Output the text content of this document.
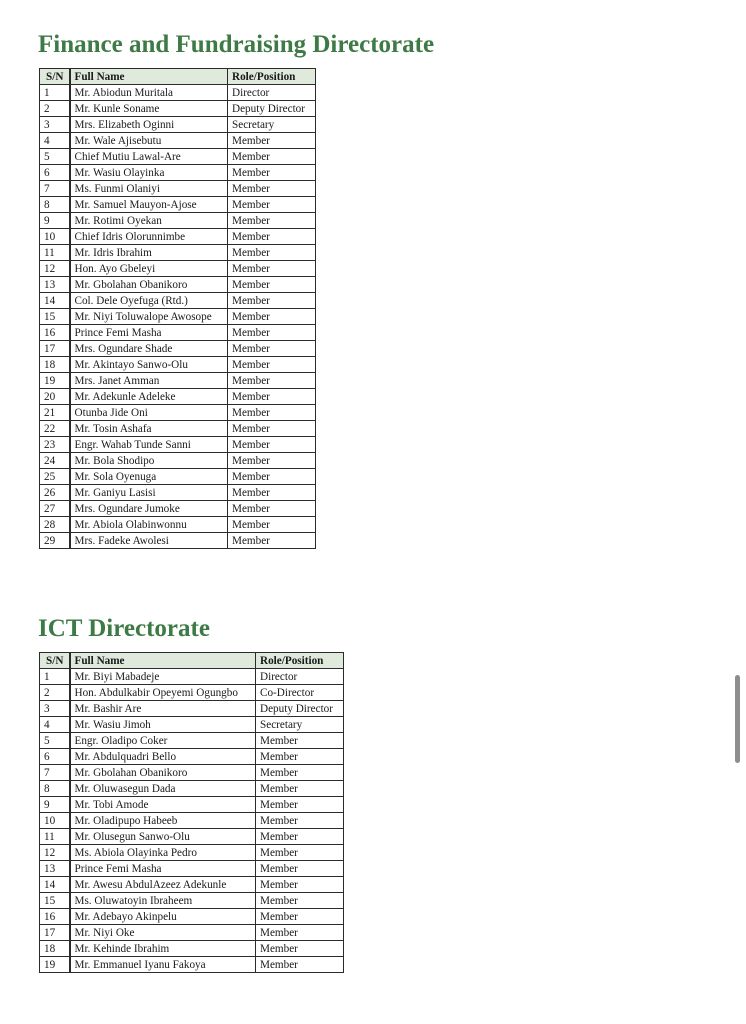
Finance and Fundraising Directorate
S/N	Full Name	Role/Position
1	Mr. Abiodun Muritala	Director
2	Mr. Kunle Soname	Deputy Director
3	Mrs. Elizabeth Oginni	Secretary
4	Mr. Wale Ajisebutu	Member
5	Chief Mutiu Lawal-Are	Member
6	Mr. Wasiu Olayinka	Member
7	Ms. Funmi Olaniyi	Member
8	Mr. Samuel Mauyon-Ajose	Member
9	Mr. Rotimi Oyekan	Member
10	Chief Idris Olorunnimbe	Member
11	Mr. Idris Ibrahim	Member
12	Hon. Ayo Gbeleyi	Member
13	Mr. Gbolahan Obanikoro	Member
14	Col. Dele Oyefuga (Rtd.)	Member
15	Mr. Niyi Toluwalope Awosope	Member
16	Prince Femi Masha	Member
17	Mrs. Ogundare Shade	Member
18	Mr. Akintayo Sanwo-Olu	Member
19	Mrs. Janet Amman	Member
20	Mr. Adekunle Adeleke	Member
21	Otunba Jide Oni	Member
22	Mr. Tosin Ashafa	Member
23	Engr. Wahab Tunde Sanni	Member
24	Mr. Bola Shodipo	Member
25	Mr. Sola Oyenuga	Member
26	Mr. Ganiyu Lasisi	Member
27	Mrs. Ogundare Jumoke	Member
28	Mr. Abiola Olabinwonnu	Member
29	Mrs. Fadeke Awolesi	Member
ICT Directorate
S/N	Full Name	Role/Position
1	Mr. Biyi Mabadeje	Director
2	Hon. Abdulkabir Opeyemi Ogungbo	Co-Director
3	Mr. Bashir Are	Deputy Director
4	Mr. Wasiu Jimoh	Secretary
5	Engr. Oladipo Coker	Member
6	Mr. Abdulquadri Bello	Member
7	Mr. Gbolahan Obanikoro	Member
8	Mr. Oluwasegun Dada	Member
9	Mr. Tobi Amode	Member
10	Mr. Oladipupo Habeeb	Member
11	Mr. Olusegun Sanwo-Olu	Member
12	Ms. Abiola Olayinka Pedro	Member
13	Prince Femi Masha	Member
14	Mr. Awesu AbdulAzeez Adekunle	Member
15	Ms. Oluwatoyin Ibraheem	Member
16	Mr. Adebayo Akinpelu	Member
17	Mr. Niyi Oke	Member
18	Mr. Kehinde Ibrahim	Member
19	Mr. Emmanuel Iyanu Fakoya	Member
